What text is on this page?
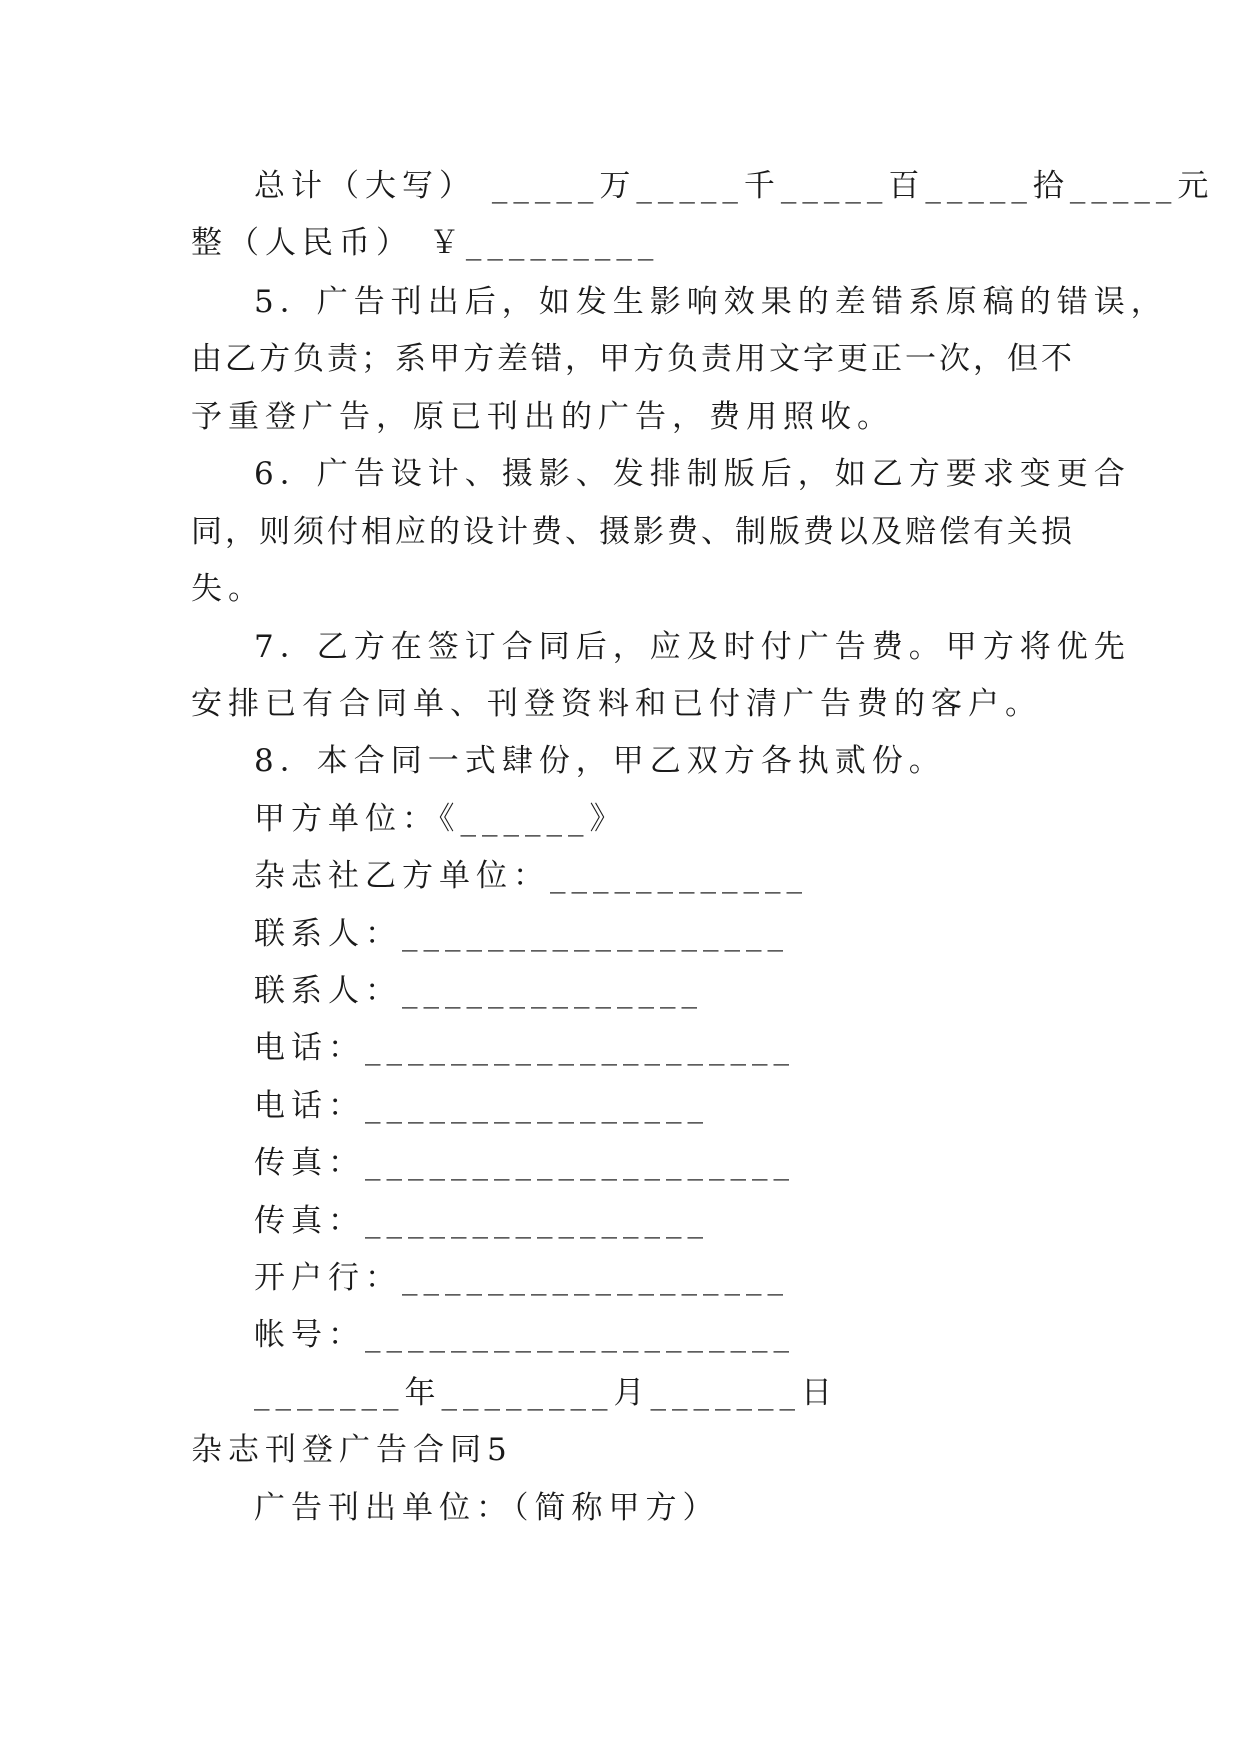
总计（大写） _____万_____千_____百_____拾_____元
整（人民币） ￥_________
5．广告刊出后，如发生影响效果的差错系原稿的错误，
由乙方负责；系甲方差错，甲方负责用文字更正一次，但不
予重登广告，原已刊出的广告，费用照收。
6．广告设计、摄影、发排制版后，如乙方要求变更合
同，则须付相应的设计费、摄影费、制版费以及赔偿有关损
失。
7．乙方在签订合同后，应及时付广告费。甲方将优先
安排已有合同单、刊登资料和已付清广告费的客户。
8．本合同一式肆份，甲乙双方各执贰份。
甲方单位：《______》
杂志社乙方单位：____________
联系人：__________________
联系人：______________
电话：____________________
电话：________________
传真：____________________
传真：________________
开户行：__________________
帐号：____________________
_______年________月_______日
杂志刊登广告合同5
广告刊出单位：（简称甲方）
